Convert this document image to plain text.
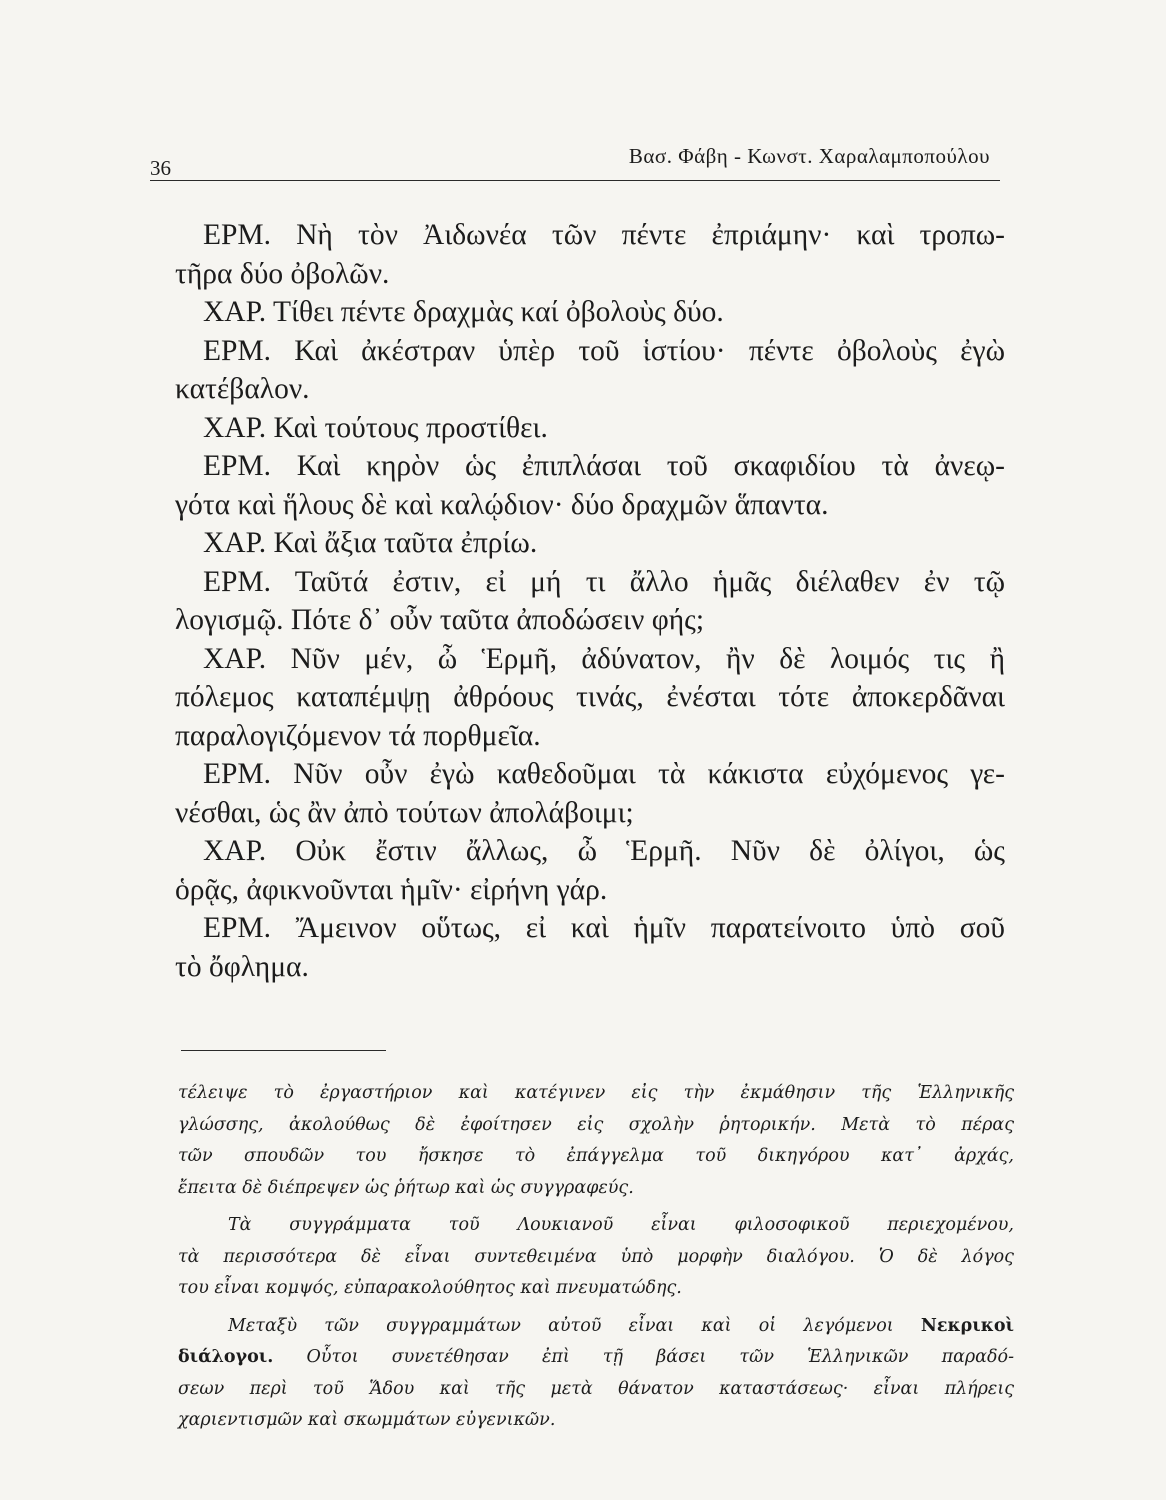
36	Βασ. Φάβη - Κωνστ. Χαραλαμποπούλου
ΕΡΜ. Νὴ τὸν Ἀιδωνέα τῶν πέντε ἐπριάμην· καὶ τροπω-
τῆρα δύο ὀβολῶν.
ΧΑΡ. Τίθει πέντε δραχμὰς καί ὀβολοὺς δύο.
ΕΡΜ. Καὶ ἀκέστραν ὑπὲρ τοῦ ἱστίου· πέντε ὀβολοὺς ἐγὼ
κατέβαλον.
ΧΑΡ. Καὶ τούτους προστίθει.
ΕΡΜ. Καὶ κηρὸν ὡς ἐπιπλάσαι τοῦ σκαφιδίου τὰ ἀνεῳ-
γότα καὶ ἥλους δὲ καὶ καλῴδιον· δύο δραχμῶν ἅπαντα.
ΧΑΡ. Καὶ ἄξια ταῦτα ἐπρίω.
ΕΡΜ. Ταῦτά ἐστιν, εἰ μή τι ἄλλο ἡμᾶς διέλαθεν ἐν τῷ
λογισμῷ. Πότε δ᾽ οὖν ταῦτα ἀποδώσειν φής;
ΧΑΡ. Νῦν μέν, ὦ Ἑρμῆ, ἀδύνατον, ἢν δὲ λοιμός τις ἢ
πόλεμος καταπέμψῃ ἀθρόους τινάς, ἐνέσται τότε ἀποκερδᾶναι
παραλογιζόμενον τά πορθμεῖα.
ΕΡΜ. Νῦν οὖν ἐγὼ καθεδοῦμαι τὰ κάκιστα εὐχόμενος γε-
νέσθαι, ὡς ἂν ἀπὸ τούτων ἀπολάβοιμι;
ΧΑΡ. Οὐκ ἔστιν ἄλλως, ὦ Ἑρμῆ. Νῦν δὲ ὀλίγοι, ὡς
ὁρᾷς, ἀφικνοῦνται ἡμῖν· εἰρήνη γάρ.
ΕΡΜ. Ἄμεινον οὕτως, εἰ καὶ ἡμῖν παρατείνοιτο ὑπὸ σοῦ
τὸ ὄφλημα.
τέλειψε τὸ ἐργαστήριον καὶ κατέγινεν εἰς τὴν ἐκμάθησιν τῆς Ἑλληνικῆς
γλώσσης, ἀκολούθως δὲ ἐφοίτησεν εἰς σχολὴν ῥητορικήν. Μετὰ τὸ πέρας
τῶν σπουδῶν του ἤσκησε τὸ ἐπάγγελμα τοῦ δικηγόρου κατ᾽ ἀρχάς,
ἔπειτα δὲ διέπρεψεν ὡς ῥήτωρ καὶ ὡς συγγραφεύς.
Τὰ συγγράμματα τοῦ Λουκιανοῦ εἶναι φιλοσοφικοῦ περιεχομένου,
τὰ περισσότερα δὲ εἶναι συντεθειμένα ὑπὸ μορφὴν διαλόγου. Ὁ δὲ λόγος
του εἶναι κομψός, εὐπαρακολούθητος καὶ πνευματώδης.
Μεταξὺ τῶν συγγραμμάτων αὐτοῦ εἶναι καὶ οἱ λεγόμενοι Νεκρικοὶ
διάλογοι. Οὗτοι συνετέθησαν ἐπὶ τῇ βάσει τῶν Ἑλληνικῶν παραδό-
σεων περὶ τοῦ Ἅδου καὶ τῆς μετὰ θάνατον καταστάσεως· εἶναι πλήρεις
χαριεντισμῶν καὶ σκωμμάτων εὐγενικῶν.
